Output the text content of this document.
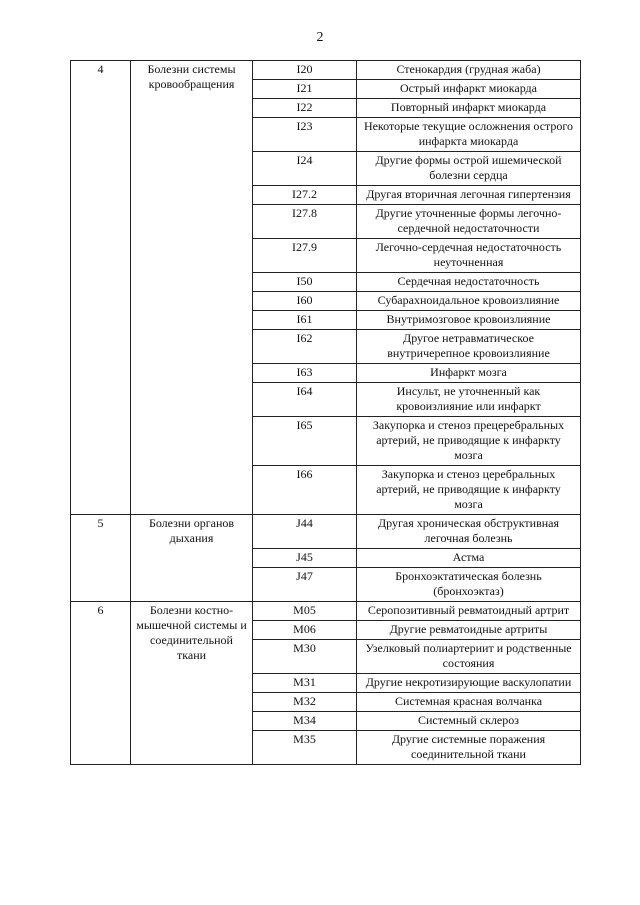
2
4	Болезни системы кровообращения	I20	Стенокардия (грудная жаба)
		I21	Острый инфаркт миокарда
		I22	Повторный инфаркт миокарда
		I23	Некоторые текущие осложнения острого инфаркта миокарда
		I24	Другие формы острой ишемической болезни сердца
		I27.2	Другая вторичная легочная гипертензия
		I27.8	Другие уточненные формы легочно-сердечной недостаточности
		I27.9	Легочно-сердечная недостаточность неуточненная
		I50	Сердечная недостаточность
		I60	Субарахноидальное кровоизлияние
		I61	Внутримозговое кровоизлияние
		I62	Другое нетравматическое внутричерепное кровоизлияние
		I63	Инфаркт мозга
		I64	Инсульт, не уточненный как кровоизлияние или инфаркт
		I65	Закупорка и стеноз прецеребральных артерий, не приводящие к инфаркту мозга
		I66	Закупорка и стеноз церебральных артерий, не приводящие к инфаркту мозга
5	Болезни органов дыхания	J44	Другая хроническая обструктивная легочная болезнь
		J45	Астма
		J47	Бронхоэктатическая болезнь (бронхоэктаз)
6	Болезни костно-мышечной системы и соединительной ткани	M05	Серопозитивный ревматоидный артрит
		M06	Другие ревматоидные артриты
		M30	Узелковый полиартериит и родственные состояния
		M31	Другие некротизирующие васкулопатии
		M32	Системная красная волчанка
		M34	Системный склероз
		M35	Другие системные поражения соединительной ткани
